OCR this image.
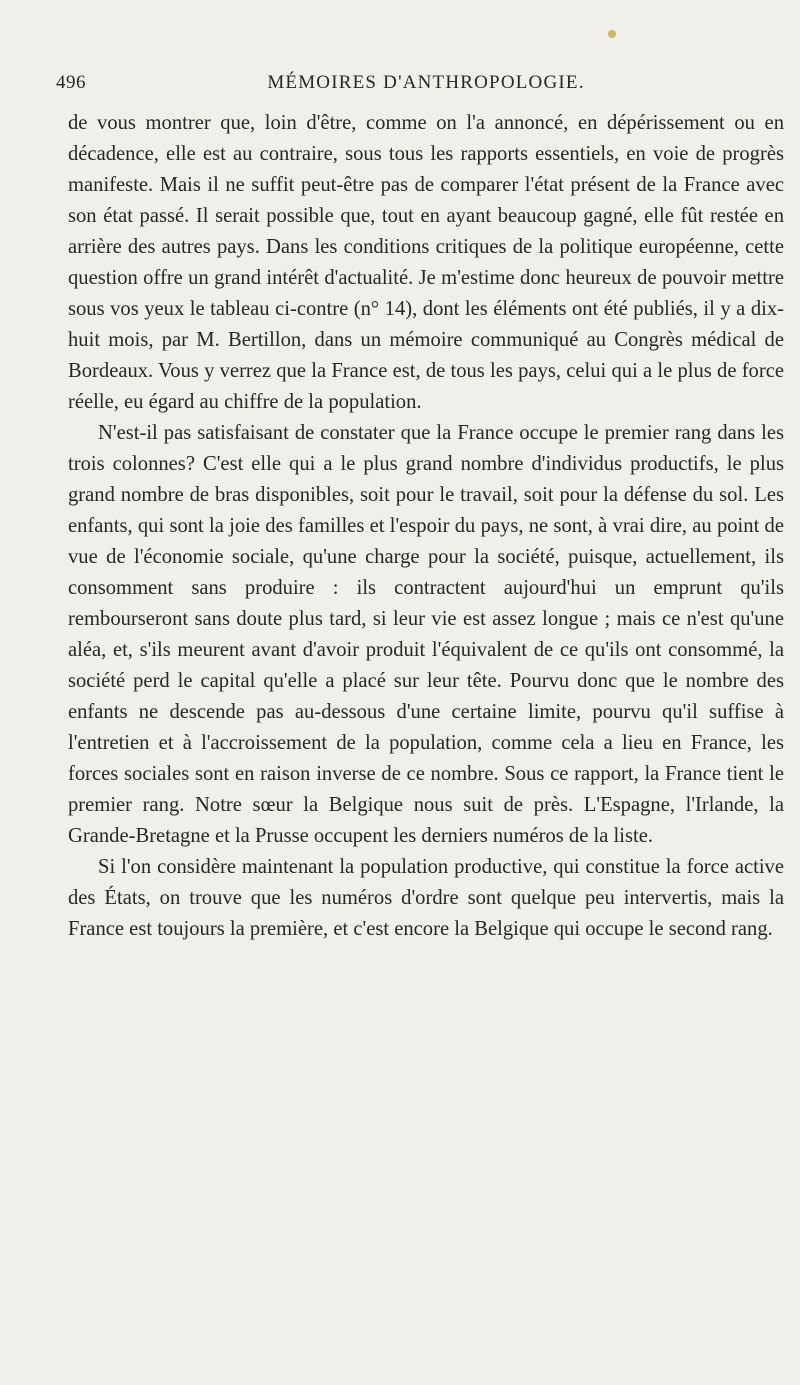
496	MÉMOIRES D'ANTHROPOLOGIE.

de vous montrer que, loin d'être, comme on l'a annoncé, en dépérissement ou en décadence, elle est au contraire, sous tous les rapports essentiels, en voie de progrès manifeste. Mais il ne suffit peut-être pas de comparer l'état présent de la France avec son état passé. Il serait possible que, tout en ayant beaucoup gagné, elle fût restée en arrière des autres pays. Dans les conditions critiques de la politique européenne, cette question offre un grand intérêt d'actualité. Je m'estime donc heureux de pouvoir mettre sous vos yeux le tableau ci-contre (n° 14), dont les éléments ont été publiés, il y a dix-huit mois, par M. Bertillon, dans un mémoire communiqué au Congrès médical de Bordeaux. Vous y verrez que la France est, de tous les pays, celui qui a le plus de force réelle, eu égard au chiffre de la population.

N'est-il pas satisfaisant de constater que la France occupe le premier rang dans les trois colonnes? C'est elle qui a le plus grand nombre d'individus productifs, le plus grand nombre de bras disponibles, soit pour le travail, soit pour la défense du sol. Les enfants, qui sont la joie des familles et l'espoir du pays, ne sont, à vrai dire, au point de vue de l'économie sociale, qu'une charge pour la société, puisque, actuellement, ils consomment sans produire : ils contractent aujourd'hui un emprunt qu'ils rembourseront sans doute plus tard, si leur vie est assez longue ; mais ce n'est qu'une aléa, et, s'ils meurent avant d'avoir produit l'équivalent de ce qu'ils ont consommé, la société perd le capital qu'elle a placé sur leur tête. Pourvu donc que le nombre des enfants ne descende pas au-dessous d'une certaine limite, pourvu qu'il suffise à l'entretien et à l'accroissement de la population, comme cela a lieu en France, les forces sociales sont en raison inverse de ce nombre. Sous ce rapport, la France tient le premier rang. Notre sœur la Belgique nous suit de près. L'Espagne, l'Irlande, la Grande-Bretagne et la Prusse occupent les derniers numéros de la liste.

Si l'on considère maintenant la population productive, qui constitue la force active des États, on trouve que les numéros d'ordre sont quelque peu intervertis, mais la France est toujours la première, et c'est encore la Belgique qui occupe le second rang.
